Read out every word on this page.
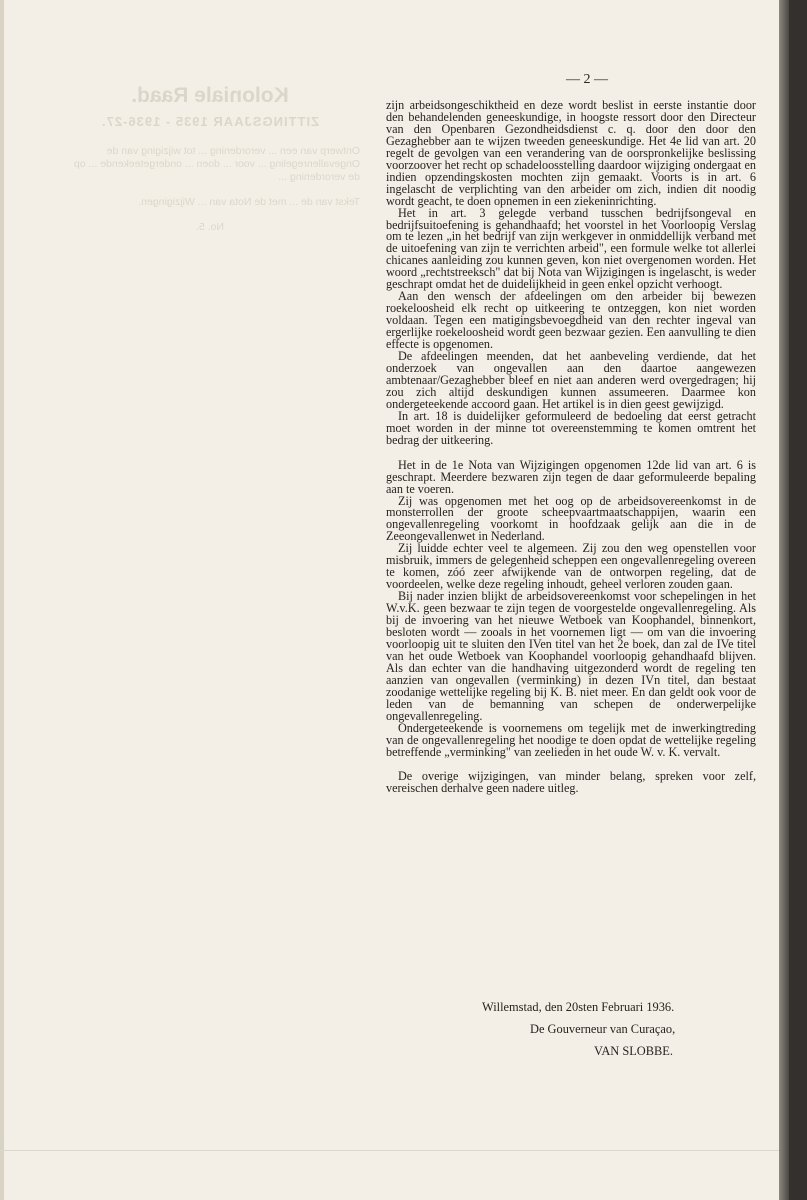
Koloniale Raad.
ZITTINGSJAAR 1935 - 1936-27.
Ontwerp van een ... verordening ... tot wijziging van de Ongevallenregeling ... voor ... doen ... ondergeteekende ... op de verordening ...
Tekst van de ... met de Nota van ... Wijzigingen.
No. 5.
— 2 —

zijn arbeidsongeschiktheid en deze wordt beslist in eerste instantie door den behandelenden geneeskundige, in hoogste ressort door den Directeur van den Openbaren Gezondheidsdienst c. q. door den door den Gezaghebber aan te wijzen tweeden geneeskundige. Het 4e lid van art. 20 regelt de gevolgen van een verandering van de oorspronkelijke beslissing voorzoover het recht op schadeloosstelling daardoor wijziging ondergaat en indien opzendingskosten mochten zijn gemaakt. Voorts is in art. 6 ingelascht de verplichting van den arbeider om zich, indien dit noodig wordt geacht, te doen opnemen in een ziekeninrichting.

Het in art. 3 gelegde verband tusschen bedrijfsongeval en bedrijfsuitoefening is gehandhaafd; het voorstel in het Voorloopig Verslag om te lezen „in het bedrijf van zijn werkgever in onmiddellijk verband met de uitoefening van zijn te verrichten arbeid", een formule welke tot allerlei chicanes aanleiding zou kunnen geven, kon niet overgenomen worden. Het woord „rechtstreeksch" dat bij Nota van Wijzigingen is ingelascht, is weder geschrapt omdat het de duidelijkheid in geen enkel opzicht verhoogt.

Aan den wensch der afdeelingen om den arbeider bij bewezen roekeloosheid elk recht op uitkeering te ontzeggen, kon niet worden voldaan. Tegen een matigingsbevoegdheid van den rechter ingeval van ergerlijke roekeloosheid wordt geen bezwaar gezien. Een aanvulling te dien effecte is opgenomen.

De afdeelingen meenden, dat het aanbeveling verdiende, dat het onderzoek van ongevallen aan den daartoe aangewezen ambtenaar/Gezaghebber bleef en niet aan anderen werd overgedragen; hij zou zich altijd deskundigen kunnen assumeeren. Daarmee kon ondergeteekende accoord gaan. Het artikel is in dien geest gewijzigd.

In art. 18 is duidelijker geformuleerd de bedoeling dat eerst getracht moet worden in der minne tot overeenstemming te komen omtrent het bedrag der uitkeering.

Het in de 1e Nota van Wijzigingen opgenomen 12de lid van art. 6 is geschrapt. Meerdere bezwaren zijn tegen de daar geformuleerde bepaling aan te voeren.

Zij was opgenomen met het oog op de arbeidsovereenkomst in de monsterrollen der groote scheepvaartmaatschappijen, waarin een ongevallenregeling voorkomt in hoofdzaak gelijk aan die in de Zeeongevallenwet in Nederland.

Zij luidde echter veel te algemeen. Zij zou den weg openstellen voor misbruik, immers de gelegenheid scheppen een ongevallenregeling overeen te komen, zóó zeer afwijkende van de ontworpen regeling, dat de voordeelen, welke deze regeling inhoudt, geheel verloren zouden gaan.

Bij nader inzien blijkt de arbeidsovereenkomst voor schepelingen in het W.v.K. geen bezwaar te zijn tegen de voorgestelde ongevallenregeling. Als bij de invoering van het nieuwe Wetboek van Koophandel, binnenkort, besloten wordt — zooals in het voornemen ligt — om van die invoering voorloopig uit te sluiten den IVen titel van het 2e boek, dan zal de IVe titel van het oude Wetboek van Koophandel voorloopig gehandhaafd blijven. Als dan echter van die handhaving uitgezonderd wordt de regeling ten aanzien van ongevallen (verminking) in dezen IVn titel, dan bestaat zoodanige wettelijke regeling bij K. B. niet meer. En dan geldt ook voor de leden van de bemanning van schepen de onderwerpelijke ongevallenregeling.

Ondergeteekende is voornemens om tegelijk met de inwerkingtreding van de ongevallenregeling het noodige te doen opdat de wettelijke regeling betreffende „verminking" van zeelieden in het oude W. v. K. vervalt.

De overige wijzigingen, van minder belang, spreken voor zelf, vereischen derhalve geen nadere uitleg.

Willemstad, den 20sten Februari 1936.
De Gouverneur van Curaçao,
VAN SLOBBE.
